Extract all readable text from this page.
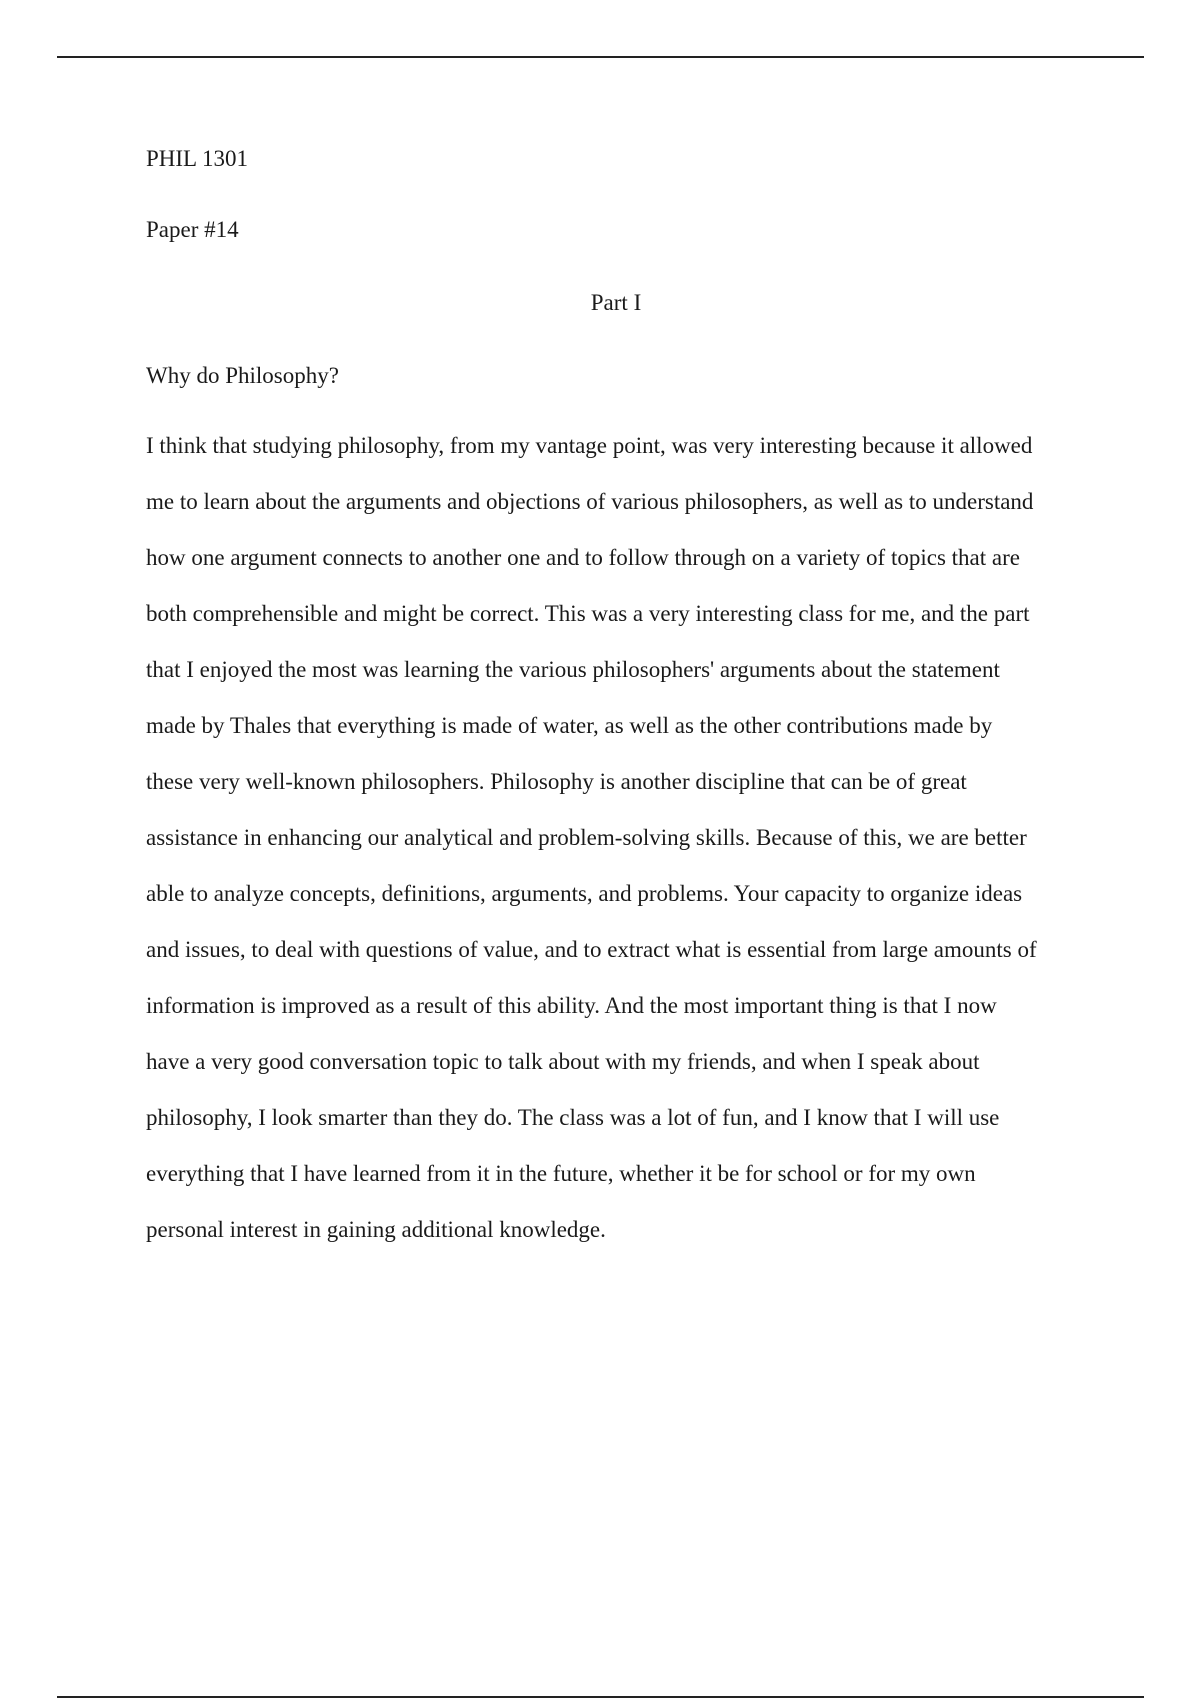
PHIL 1301
Paper #14
Part I
Why do Philosophy?

I think that studying philosophy, from my vantage point, was very interesting because it allowed
me to learn about the arguments and objections of various philosophers, as well as to understand
how one argument connects to another one and to follow through on a variety of topics that are
both comprehensible and might be correct. This was a very interesting class for me, and the part
that I enjoyed the most was learning the various philosophers' arguments about the statement
made by Thales that everything is made of water, as well as the other contributions made by
these very well-known philosophers. Philosophy is another discipline that can be of great
assistance in enhancing our analytical and problem-solving skills. Because of this, we are better
able to analyze concepts, definitions, arguments, and problems. Your capacity to organize ideas
and issues, to deal with questions of value, and to extract what is essential from large amounts of
information is improved as a result of this ability. And the most important thing is that I now
have a very good conversation topic to talk about with my friends, and when I speak about
philosophy, I look smarter than they do. The class was a lot of fun, and I know that I will use
everything that I have learned from it in the future, whether it be for school or for my own
personal interest in gaining additional knowledge.
